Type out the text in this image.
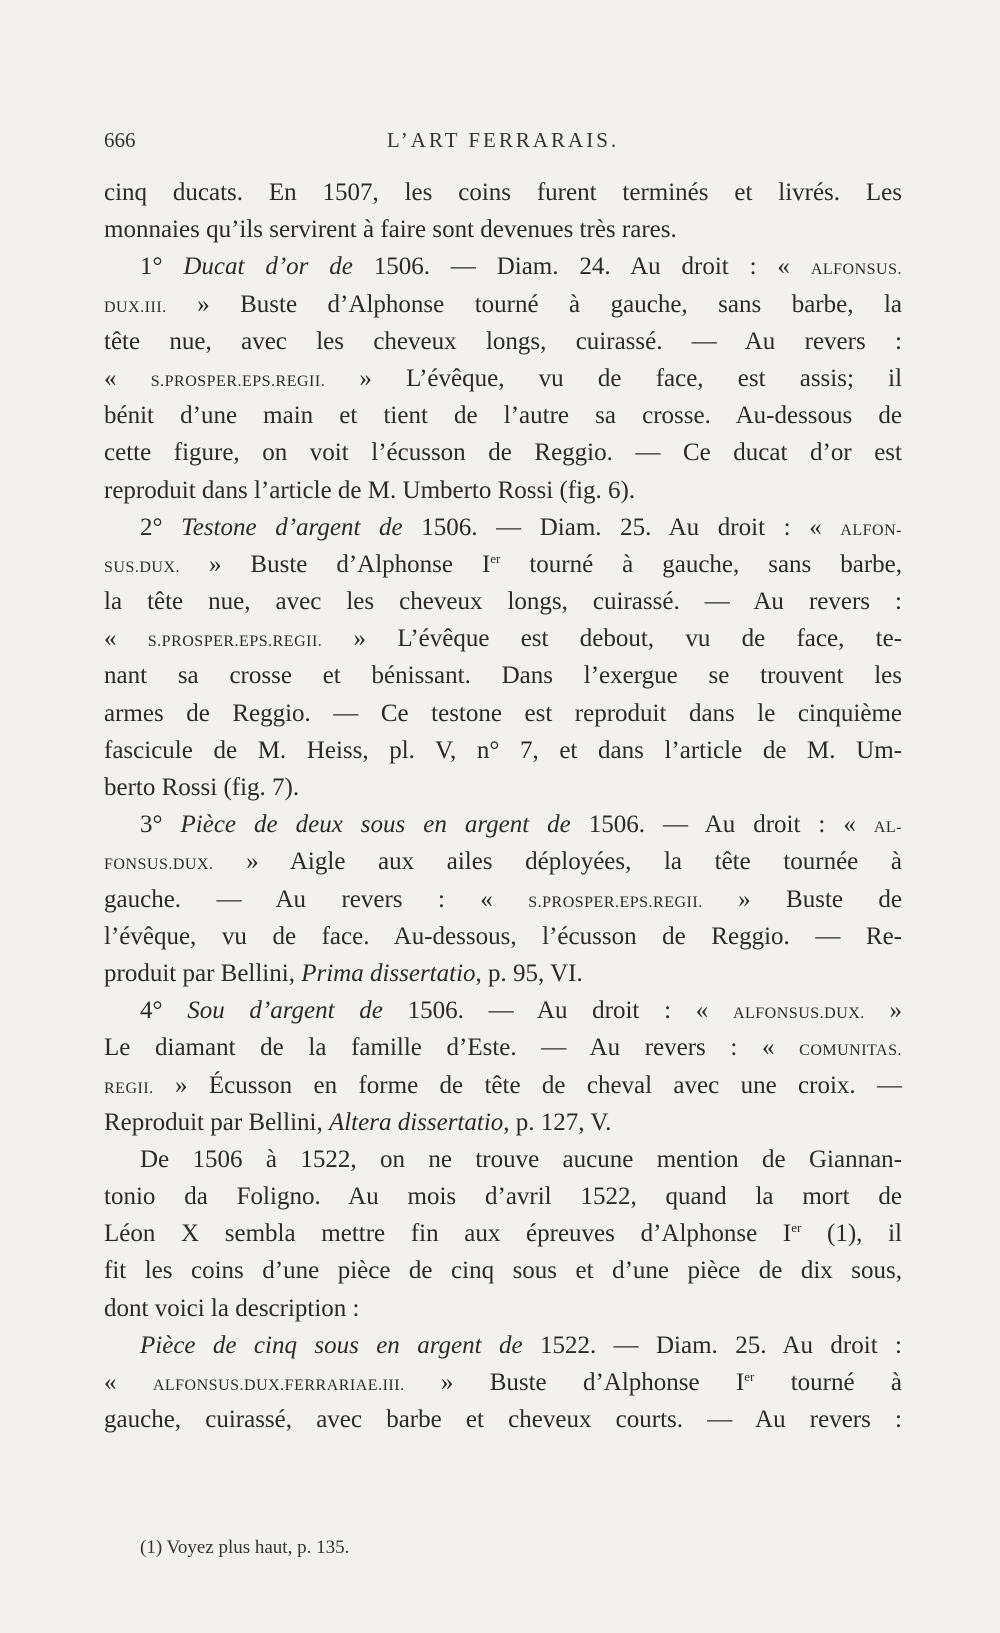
666	L’ART FERRARAIS.
cinq ducats. En 1507, les coins furent terminés et livrés. Les
monnaies qu’ils servirent à faire sont devenues très rares.
1° Ducat d’or de 1506. — Diam. 24. Au droit : « ALFONSUS.
DUX.III. » Buste d’Alphonse tourné à gauche, sans barbe, la
tête nue, avec les cheveux longs, cuirassé. — Au revers :
« S.PROSPER.EPS.REGII. » L’évêque, vu de face, est assis; il
bénit d’une main et tient de l’autre sa crosse. Au-dessous de
cette figure, on voit l’écusson de Reggio. — Ce ducat d’or est
reproduit dans l’article de M. Umberto Rossi (fig. 6).
2° Testone d’argent de 1506. — Diam. 25. Au droit : « ALFON-
SUS.DUX. » Buste d’Alphonse Ier tourné à gauche, sans barbe,
la tête nue, avec les cheveux longs, cuirassé. — Au revers :
« S.PROSPER.EPS.REGII. » L’évêque est debout, vu de face, te-
nant sa crosse et bénissant. Dans l’exergue se trouvent les
armes de Reggio. — Ce testone est reproduit dans le cinquième
fascicule de M. Heiss, pl. V, n° 7, et dans l’article de M. Um-
berto Rossi (fig. 7).
3° Pièce de deux sous en argent de 1506. — Au droit : « AL-
FONSUS.DUX. » Aigle aux ailes déployées, la tête tournée à
gauche. — Au revers : « S.PROSPER.EPS.REGII. » Buste de
l’évêque, vu de face. Au-dessous, l’écusson de Reggio. — Re-
produit par Bellini, Prima dissertatio, p. 95, VI.
4° Sou d’argent de 1506. — Au droit : « ALFONSUS.DUX. »
Le diamant de la famille d’Este. — Au revers : « COMUNITAS.
REGII. » Écusson en forme de tête de cheval avec une croix. —
Reproduit par Bellini, Altera dissertatio, p. 127, V.
De 1506 à 1522, on ne trouve aucune mention de Giannan-
tonio da Foligno. Au mois d’avril 1522, quand la mort de
Léon X sembla mettre fin aux épreuves d’Alphonse Ier (1), il
fit les coins d’une pièce de cinq sous et d’une pièce de dix sous,
dont voici la description :
Pièce de cinq sous en argent de 1522. — Diam. 25. Au droit :
« ALFONSUS.DUX.FERRARIAE.III. » Buste d’Alphonse Ier tourné à
gauche, cuirassé, avec barbe et cheveux courts. — Au revers :
(1) Voyez plus haut, p. 135.
